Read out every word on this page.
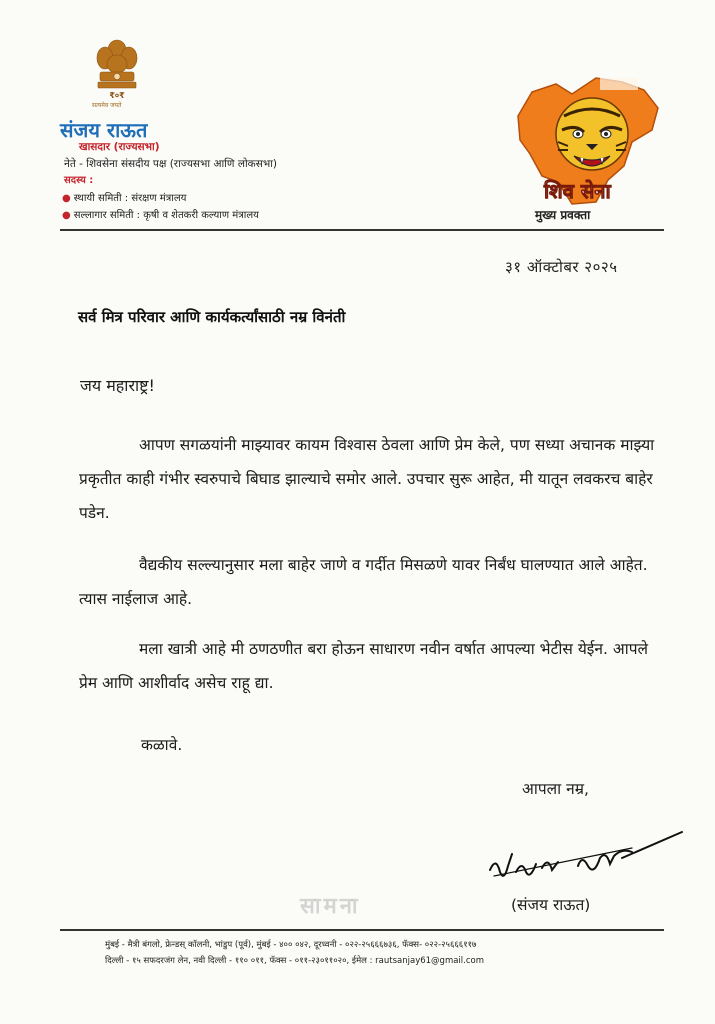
₹०₹
सत्यमेव जयते
संजय राऊत
खासदार (राज्यसभा)
नेते - शिवसेना संसदीय पक्ष (राज्यसभा आणि लोकसभा)
सदस्य :
● स्थायी समिती : संरक्षण मंत्रालय
● सल्लागार समिती : कृषी व शेतकरी कल्याण मंत्रालय
शिव सेना
मुख्य प्रवक्ता
३१ ऑक्टोबर २०२५
सर्व मित्र परिवार आणि कार्यकर्त्यांसाठी नम्र विनंती
जय महाराष्ट्र!
आपण सगळयांनी माझ्यावर कायम विश्वास ठेवला आणि प्रेम केले, पण सध्या अचानक माझ्या प्रकृतीत काही गंभीर स्वरुपाचे बिघाड झाल्याचे समोर आले. उपचार सुरू आहेत, मी यातून लवकरच बाहेर पडेन.
वैद्यकीय सल्ल्यानुसार मला बाहेर जाणे व गर्दीत मिसळणे यावर निर्बंध घालण्यात आले आहेत. त्यास नाईलाज आहे.
मला खात्री आहे मी ठणठणीत बरा होऊन साधारण नवीन वर्षात आपल्या भेटीस येईन. आपले प्रेम आणि आशीर्वाद असेच राहू द्या.
कळावे.
आपला नम्र,
सामना	(संजय राऊत)
मुंबई - मैत्री बंगलो, फ्रेन्डस् कॉलनी, भांडुप (पूर्व), मुंबई - ४०० ०४२, दूरध्वनी - ०२२-२५६६६७३६, फॅक्स- ०२२-२५६६६११७
दिल्ली - १५ सफदरजंग लेन, नवी दिल्ली - ११० ०११, फॅक्स - ०११-२३०११०२०, ईमेल : rautsanjay61@gmail.com
